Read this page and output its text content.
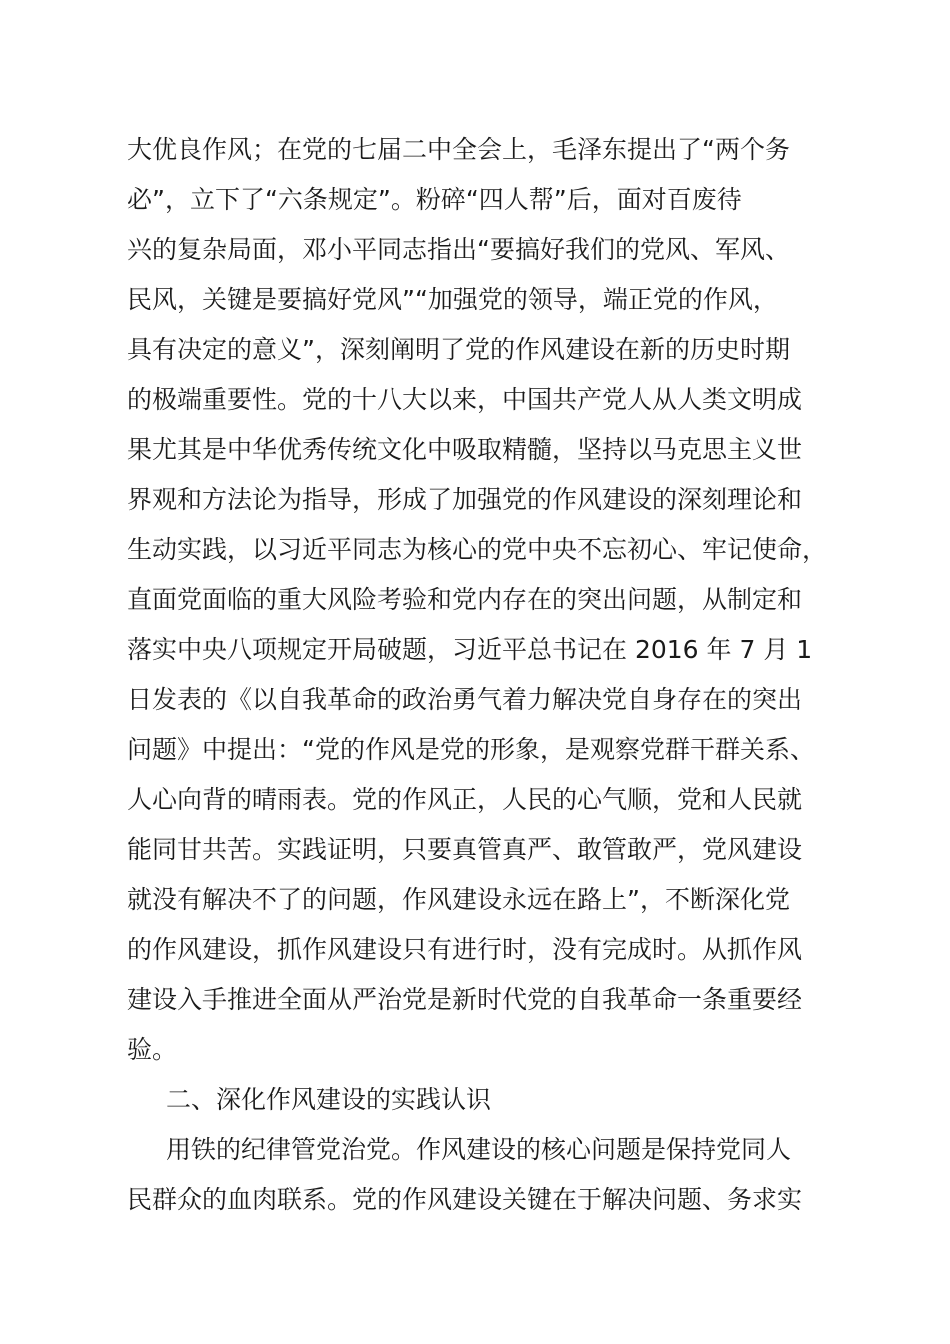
大优良作风；在党的七届二中全会上，毛泽东提出了“两个务
必”，立下了“六条规定”。粉碎“四人帮”后，面对百废待
兴的复杂局面，邓小平同志指出“要搞好我们的党风、军风、
民风，关键是要搞好党风”“加强党的领导，端正党的作风，
具有决定的意义”，深刻阐明了党的作风建设在新的历史时期
的极端重要性。党的十八大以来，中国共产党人从人类文明成
果尤其是中华优秀传统文化中吸取精髓，坚持以马克思主义世
界观和方法论为指导，形成了加强党的作风建设的深刻理论和
生动实践，以习近平同志为核心的党中央不忘初心、牢记使命，
直面党面临的重大风险考验和党内存在的突出问题，从制定和
落实中央八项规定开局破题，习近平总书记在 2016 年 7 月 1
日发表的《以自我革命的政治勇气着力解决党自身存在的突出
问题》中提出：“党的作风是党的形象，是观察党群干群关系、
人心向背的晴雨表。党的作风正，人民的心气顺，党和人民就
能同甘共苦。实践证明，只要真管真严、敢管敢严，党风建设
就没有解决不了的问题，作风建设永远在路上”，不断深化党
的作风建设，抓作风建设只有进行时，没有完成时。从抓作风
建设入手推进全面从严治党是新时代党的自我革命一条重要经
验。
二、深化作风建设的实践认识
用铁的纪律管党治党。作风建设的核心问题是保持党同人
民群众的血肉联系。党的作风建设关键在于解决问题、务求实
